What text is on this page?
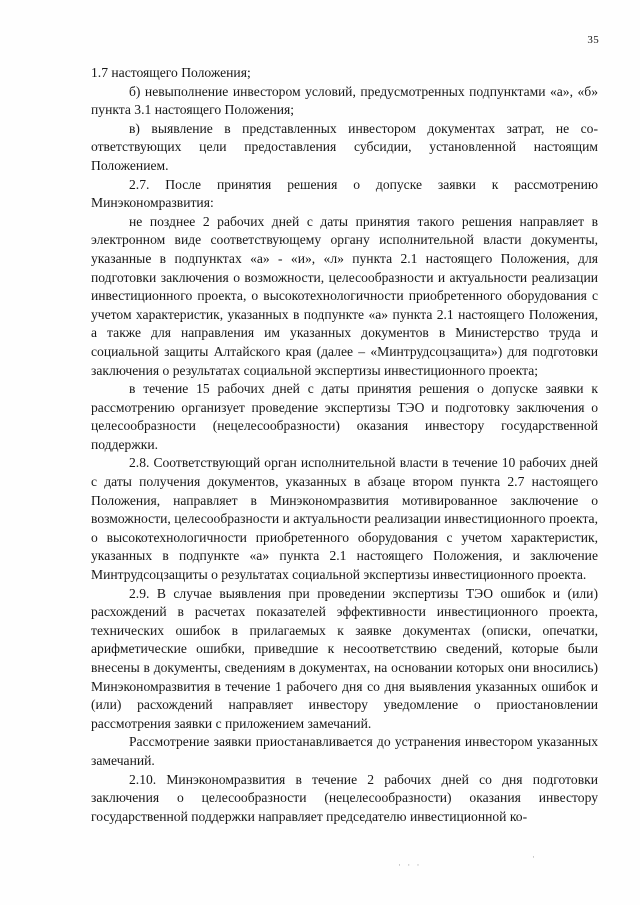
35

1.7 настоящего Положения;

б) невыполнение инвестором условий, предусмотренных подпунктами «а», «б» пункта 3.1 настоящего Положения;

в) выявление в представленных инвестором документах затрат, не соответствующих цели предоставления субсидии, установленной настоящим Положением.

2.7. После принятия решения о допуске заявки к рассмотрению Минэкономразвития:

не позднее 2 рабочих дней с даты принятия такого решения направляет в электронном виде соответствующему органу исполнительной власти документы, указанные в подпунктах «а» - «и», «л» пункта 2.1 настоящего Положения, для подготовки заключения о возможности, целесообразности и актуальности реализации инвестиционного проекта, о высокотехнологичности приобретенного оборудования с учетом характеристик, указанных в подпункте «а» пункта 2.1 настоящего Положения, а также для направления им указанных документов в Министерство труда и социальной защиты Алтайского края (далее – «Минтрудсоцзащита») для подготовки заключения о результатах социальной экспертизы инвестиционного проекта;

в течение 15 рабочих дней с даты принятия решения о допуске заявки к рассмотрению организует проведение экспертизы ТЭО и подготовку заключения о целесообразности (нецелесообразности) оказания инвестору государственной поддержки.

2.8. Соответствующий орган исполнительной власти в течение 10 рабочих дней с даты получения документов, указанных в абзаце втором пункта 2.7 настоящего Положения, направляет в Минэкономразвития мотивированное заключение о возможности, целесообразности и актуальности реализации инвестиционного проекта, о высокотехнологичности приобретенного оборудования с учетом характеристик, указанных в подпункте «а» пункта 2.1 настоящего Положения, и заключение Минтрудсоцзащиты о результатах социальной экспертизы инвестиционного проекта.

2.9. В случае выявления при проведении экспертизы ТЭО ошибок и (или) расхождений в расчетах показателей эффективности инвестиционного проекта, технических ошибок в прилагаемых к заявке документах (описки, опечатки, арифметические ошибки, приведшие к несоответствию сведений, которые были внесены в документы, сведениям в документах, на основании которых они вносились) Минэкономразвития в течение 1 рабочего дня со дня выявления указанных ошибок и (или) расхождений направляет инвестору уведомление о приостановлении рассмотрения заявки с приложением замечаний.

Рассмотрение заявки приостанавливается до устранения инвестором указанных замечаний.

2.10. Минэкономразвития в течение 2 рабочих дней со дня подготовки заключения о целесообразности (нецелесообразности) оказания инвестору государственной поддержки направляет председателю инвестиционной ко-

· · ·
·
